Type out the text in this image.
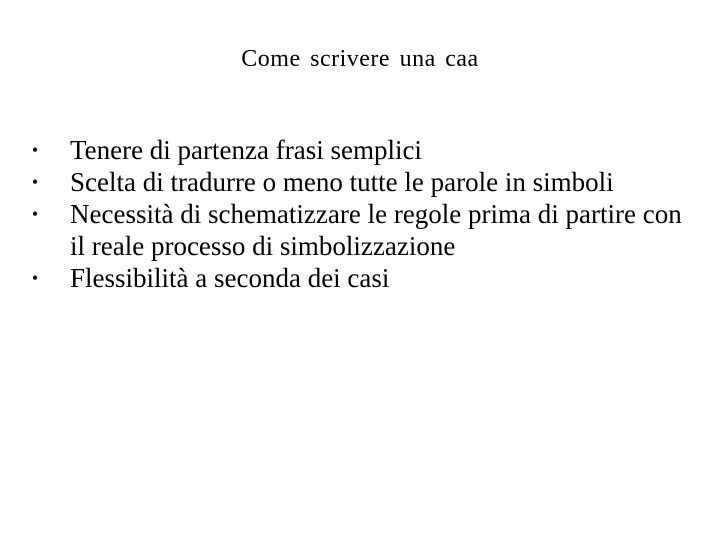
Come scrivere una caa
• Tenere di partenza frasi semplici
• Scelta di tradurre o meno tutte le parole in simboli
• Necessità di schematizzare le regole prima di partire con il reale processo di simbolizzazione
• Flessibilità a seconda dei casi
